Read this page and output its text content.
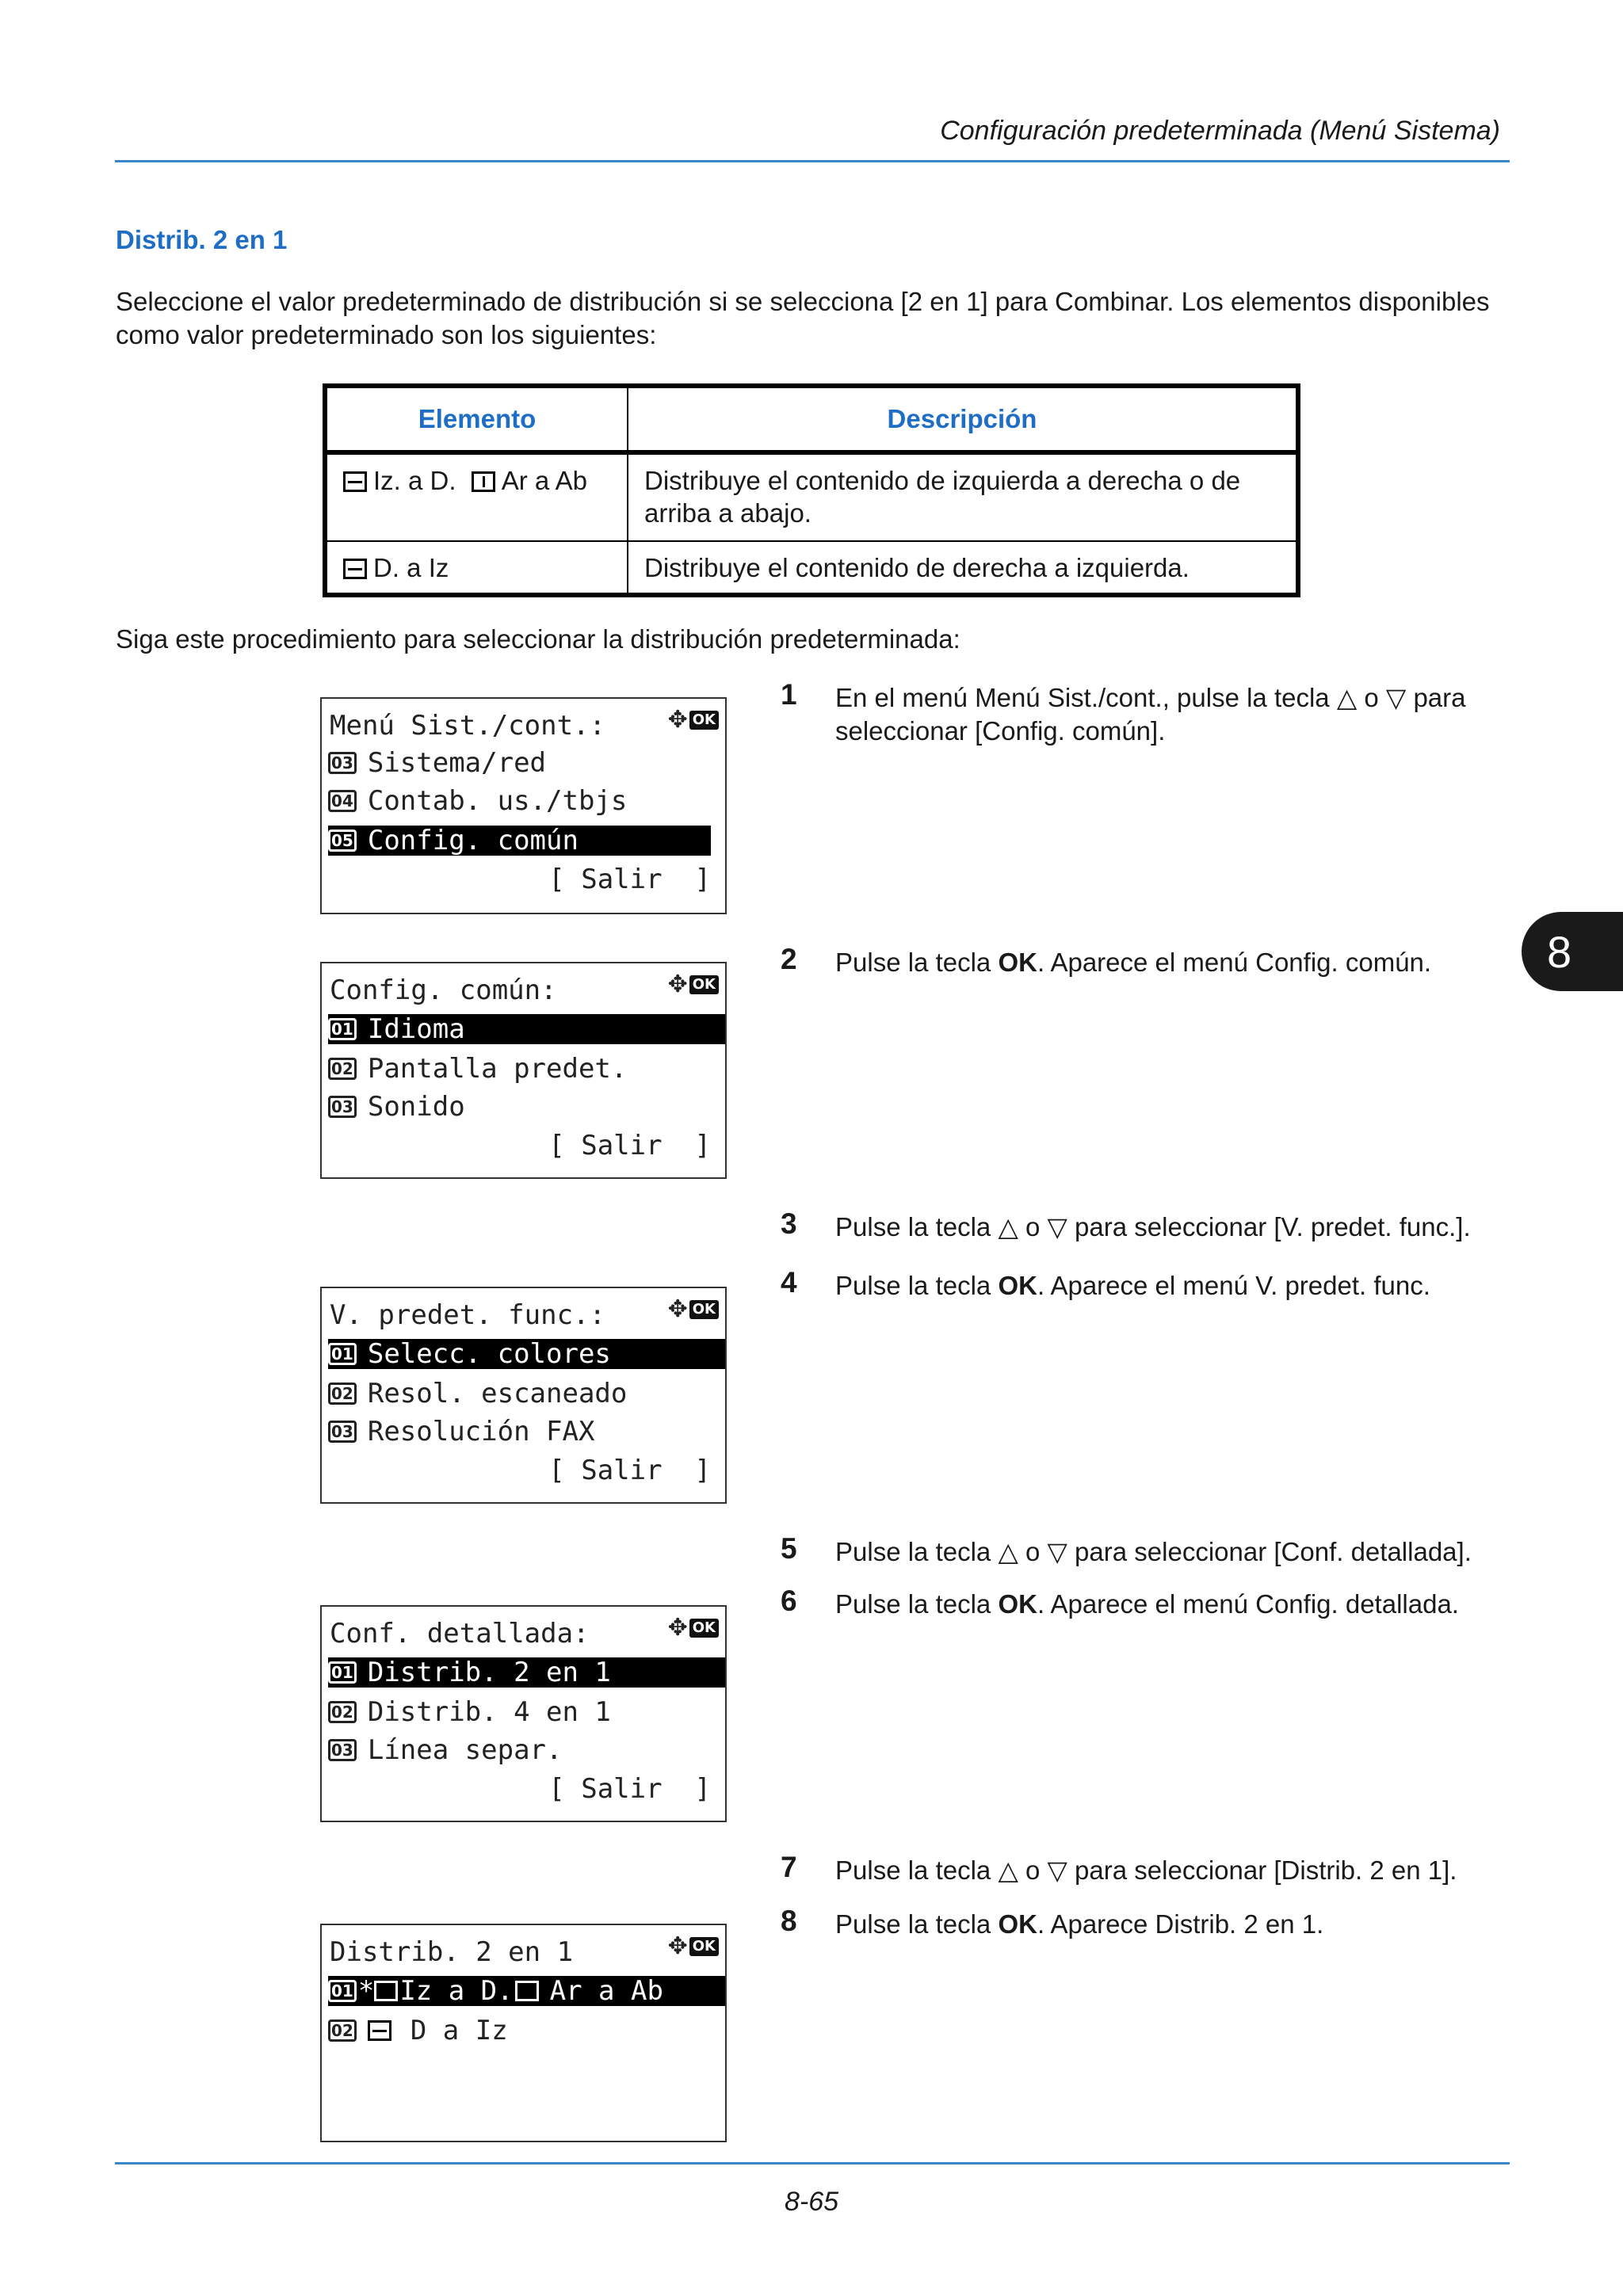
Configuración predeterminada (Menú Sistema)
Distrib. 2 en 1
Seleccione el valor predeterminado de distribución si se selecciona [2 en 1] para Combinar. Los elementos disponibles como valor predeterminado son los siguientes:
Elemento	Descripción
Iz. a D. Ar a Ab	Distribuye el contenido de izquierda a derecha o de arriba a abajo.
D. a Iz	Distribuye el contenido de derecha a izquierda.
Siga este procedimiento para seleccionar la distribución predeterminada:
Menú Sist./cont.:	✥ OK
03 Sistema/red
04 Contab. us./tbjs
05 Config. común
[ Salir  ]
Config. común:	✥ OK
01 Idioma
02 Pantalla predet.
03 Sonido
[ Salir  ]
V. predet. func.:	✥ OK
01 Selecc. colores
02 Resol. escaneado
03 Resolución FAX
[ Salir  ]
Conf. detallada:	✥ OK
01 Distrib. 2 en 1
02 Distrib. 4 en 1
03 Línea separ.
[ Salir  ]
Distrib. 2 en 1	✥ OK
01 * Iz a D. Ar a Ab
02 D a Iz
1 En el menú Menú Sist./cont., pulse la tecla △ o ▽ para seleccionar [Config. común].
2 Pulse la tecla OK. Aparece el menú Config. común.
3 Pulse la tecla △ o ▽ para seleccionar [V. predet. func.].
4 Pulse la tecla OK. Aparece el menú V. predet. func.
5 Pulse la tecla △ o ▽ para seleccionar [Conf. detallada].
6 Pulse la tecla OK. Aparece el menú Config. detallada.
7 Pulse la tecla △ o ▽ para seleccionar [Distrib. 2 en 1].
8 Pulse la tecla OK. Aparece Distrib. 2 en 1.
8
8-65
